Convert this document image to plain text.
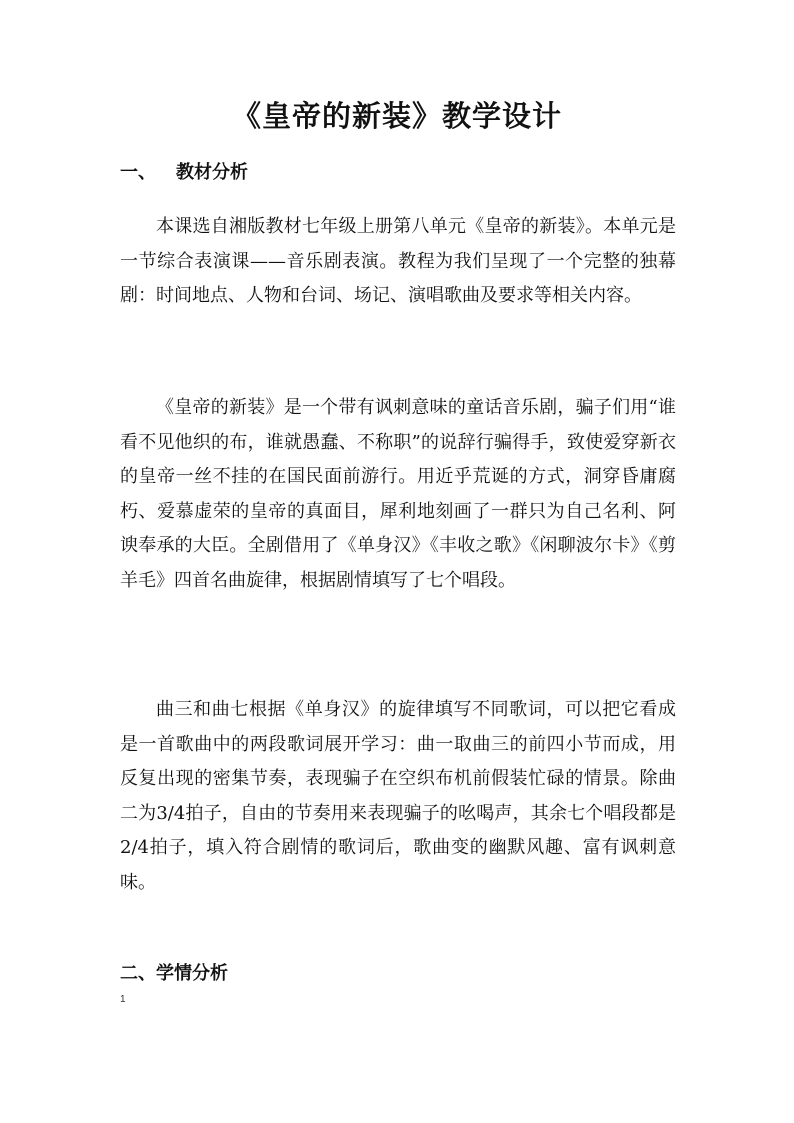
《皇帝的新装》教学设计
一、 教材分析

本课选自湘版教材七年级上册第八单元《皇帝的新装》。本单元是一节综合表演课——音乐剧表演。教程为我们呈现了一个完整的独幕剧：时间地点、人物和台词、场记、演唱歌曲及要求等相关内容。

《皇帝的新装》是一个带有讽刺意味的童话音乐剧，骗子们用“谁看不见他织的布，谁就愚蠢、不称职”的说辞行骗得手，致使爱穿新衣的皇帝一丝不挂的在国民面前游行。用近乎荒诞的方式，洞穿昏庸腐朽、爱慕虚荣的皇帝的真面目，犀利地刻画了一群只为自己名利、阿谀奉承的大臣。全剧借用了《单身汉》《丰收之歌》《闲聊波尔卡》《剪羊毛》四首名曲旋律，根据剧情填写了七个唱段。

曲三和曲七根据《单身汉》的旋律填写不同歌词，可以把它看成是一首歌曲中的两段歌词展开学习：曲一取曲三的前四小节而成，用反复出现的密集节奏，表现骗子在空织布机前假装忙碌的情景。除曲二为3/4拍子，自由的节奏用来表现骗子的吆喝声，其余七个唱段都是2/4拍子，填入符合剧情的歌词后，歌曲变的幽默风趣、富有讽刺意味。

二、学情分析
1
